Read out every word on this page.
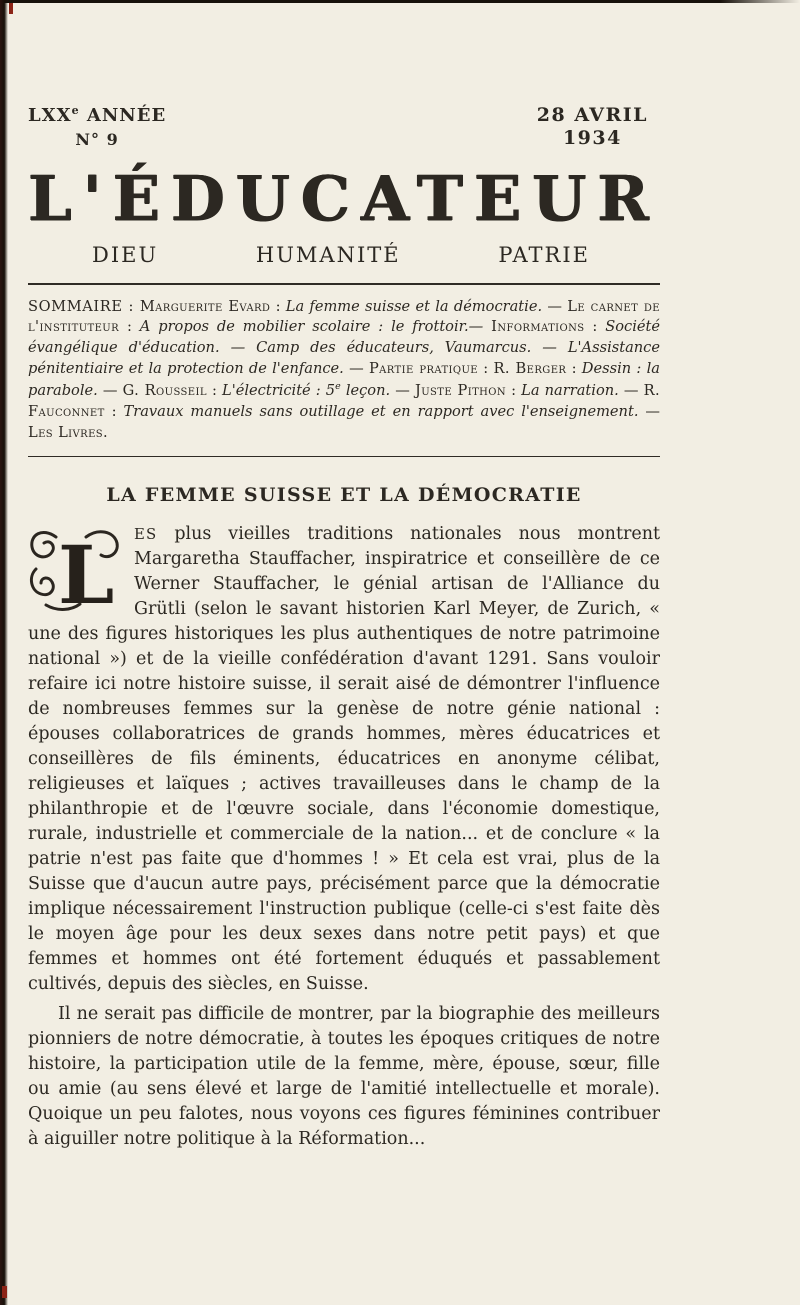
LXXe ANNÉE
N° 9
28 AVRIL
1934
L'ÉDUCATEUR
DIEU	HUMANITÉ	PATRIE

SOMMAIRE : Marguerite Evard : La femme suisse et la démocratie. — Le carnet de l'instituteur : A propos de mobilier scolaire : le frottoir.— Informations : Société évangélique d'éducation. — Camp des éducateurs, Vaumarcus. — L'Assistance pénitentiaire et la protection de l'enfance. — Partie pratique : R. Berger : Dessin : la parabole. — G. Rousseil : L'électricité : 5e leçon. — Juste Pithon : La narration. — R. Fauconnet : Travaux manuels sans outillage et en rapport avec l'enseignement. — Les Livres.

LA FEMME SUISSE ET LA DÉMOCRATIE

L ES plus vieilles traditions nationales nous montrent Margaretha Stauffacher, inspiratrice et conseillère de ce Werner Stauffacher, le génial artisan de l'Alliance du Grütli (selon le savant historien Karl Meyer, de Zurich, « une des figures historiques les plus authentiques de notre patrimoine national ») et de la vieille confédération d'avant 1291. Sans vouloir refaire ici notre histoire suisse, il serait aisé de démontrer l'influence de nombreuses femmes sur la genèse de notre génie national : épouses collaboratrices de grands hommes, mères éducatrices et conseillères de fils éminents, éducatrices en anonyme célibat, religieuses et laïques ; actives travailleuses dans le champ de la philanthropie et de l'œuvre sociale, dans l'économie domestique, rurale, industrielle et commerciale de la nation... et de conclure « la patrie n'est pas faite que d'hommes ! » Et cela est vrai, plus de la Suisse que d'aucun autre pays, précisément parce que la démocratie implique nécessairement l'instruction publique (celle-ci s'est faite dès le moyen âge pour les deux sexes dans notre petit pays) et que femmes et hommes ont été fortement éduqués et passablement cultivés, depuis des siècles, en Suisse.

Il ne serait pas difficile de montrer, par la biographie des meilleurs pionniers de notre démocratie, à toutes les époques critiques de notre histoire, la participation utile de la femme, mère, épouse, sœur, fille ou amie (au sens élevé et large de l'amitié intellectuelle et morale). Quoique un peu falotes, nous voyons ces figures féminines contribuer à aiguiller notre politique à la Réformation...
